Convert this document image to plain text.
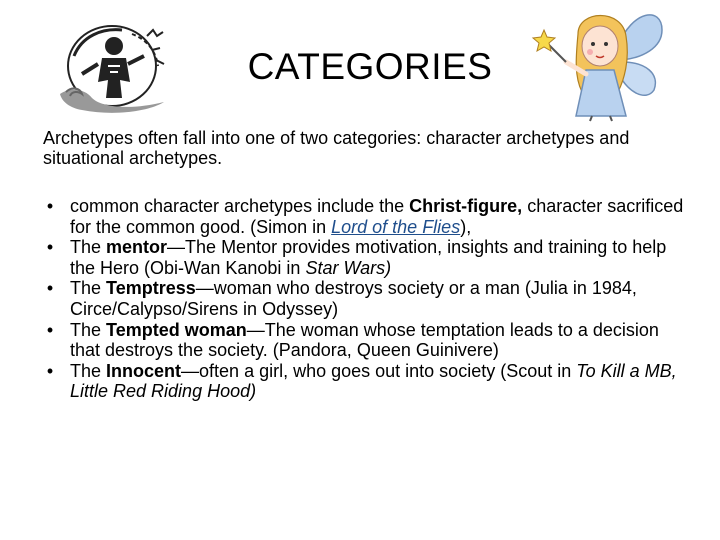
CATEGORIES

Archetypes often fall into one of two categories: character archetypes and situational archetypes.

• common character archetypes include the Christ-figure, character sacrificed for the common good. (Simon in Lord of the Flies),
• The mentor—The Mentor provides motivation, insights and training to help the Hero (Obi-Wan Kanobi in Star Wars)
• The Temptress—woman who destroys society or a man (Julia in 1984, Circe/Calypso/Sirens in Odyssey)
• The Tempted woman—The woman whose temptation leads to a decision that destroys the society. (Pandora, Queen Guinivere)
• The Innocent—often a girl, who goes out into society (Scout in To Kill a MB, Little Red Riding Hood)
